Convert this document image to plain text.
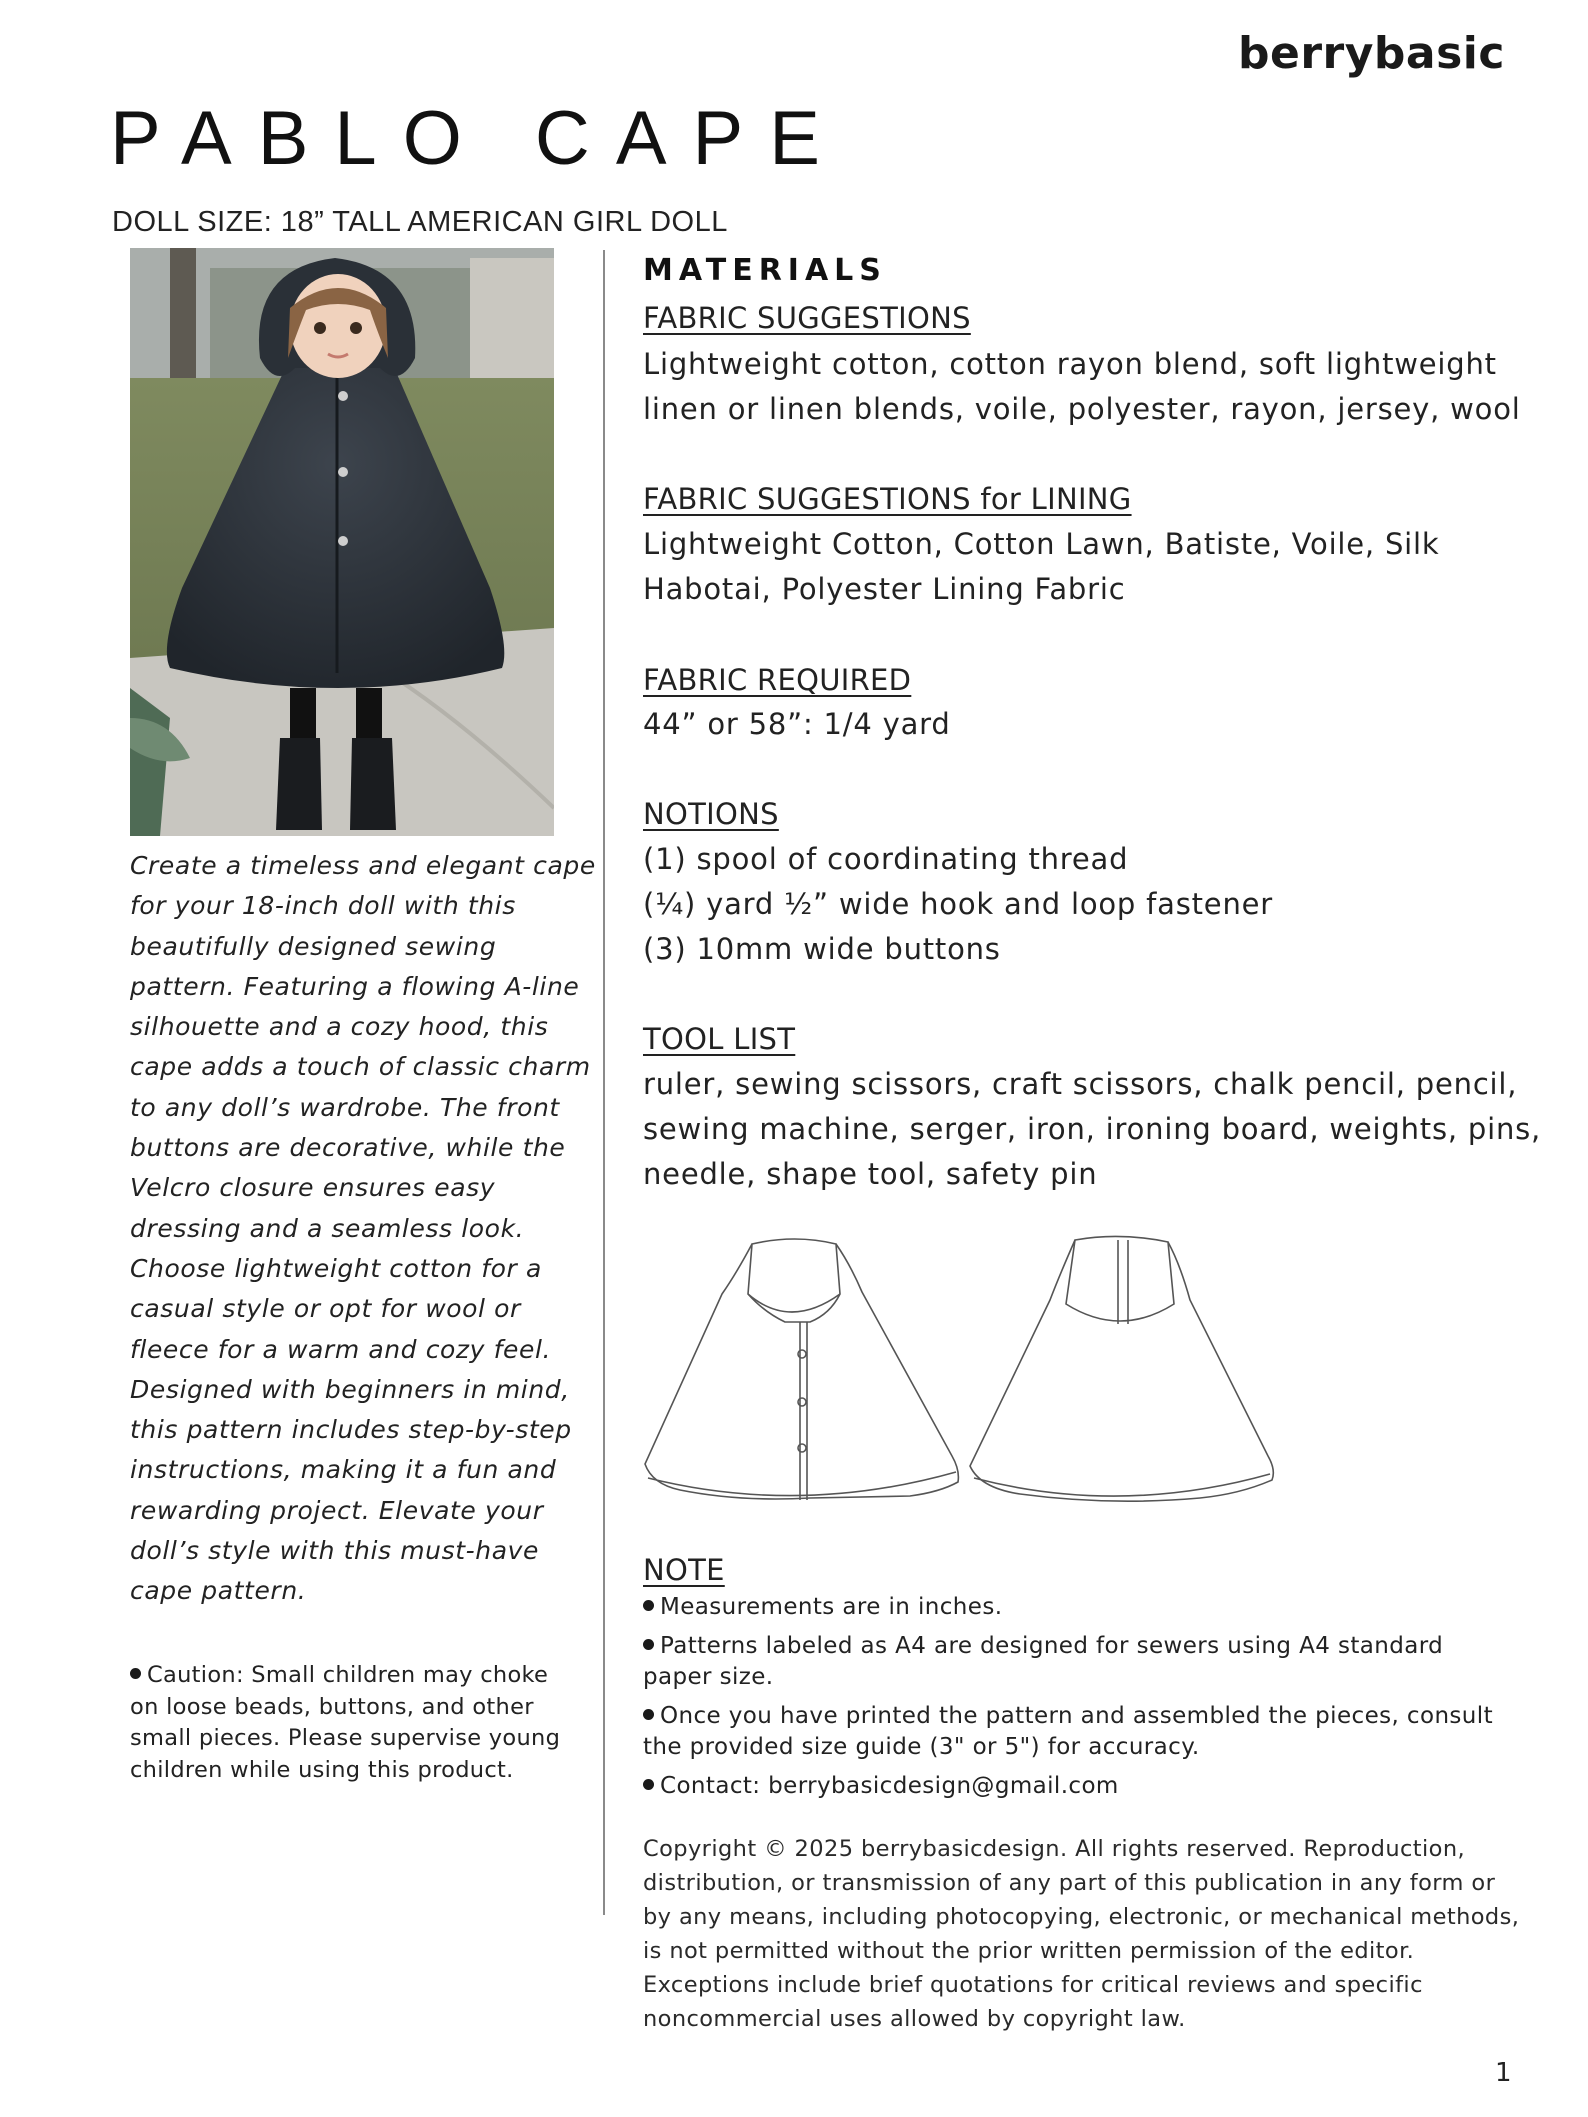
berrybasic
PABLO CAPE
DOLL SIZE: 18” TALL AMERICAN GIRL DOLL
Create a timeless and elegant cape
for your 18-inch doll with this
beautifully designed sewing
pattern. Featuring a flowing A-line
silhouette and a cozy hood, this
cape adds a touch of classic charm
to any doll’s wardrobe. The front
buttons are decorative, while the
Velcro closure ensures easy
dressing and a seamless look.
Choose lightweight cotton for a
casual style or opt for wool or
fleece for a warm and cozy feel.
Designed with beginners in mind,
this pattern includes step-by-step
instructions, making it a fun and
rewarding project. Elevate your
doll’s style with this must-have
cape pattern.
Caution: Small children may choke
on loose beads, buttons, and other
small pieces. Please supervise young
children while using this product.
MATERIALS
FABRIC SUGGESTIONS
Lightweight cotton, cotton rayon blend, soft lightweight
linen or linen blends, voile, polyester, rayon, jersey, wool
FABRIC SUGGESTIONS for LINING
Lightweight Cotton, Cotton Lawn, Batiste, Voile, Silk
Habotai, Polyester Lining Fabric
FABRIC REQUIRED
44” or 58”: 1/4 yard
NOTIONS
(1) spool of coordinating thread
(¼) yard ½” wide hook and loop fastener
(3) 10mm wide buttons
TOOL LIST
ruler, sewing scissors, craft scissors, chalk pencil, pencil,
sewing machine, serger, iron, ironing board, weights, pins,
needle, shape tool, safety pin
NOTE
Measurements are in inches.
Patterns labeled as A4 are designed for sewers using A4 standard
paper size.
Once you have printed the pattern and assembled the pieces, consult
the provided size guide (3" or 5") for accuracy.
Contact: berrybasicdesign@gmail.com
Copyright © 2025 berrybasicdesign. All rights reserved. Reproduction,
distribution, or transmission of any part of this publication in any form or
by any means, including photocopying, electronic, or mechanical methods,
is not permitted without the prior written permission of the editor.
Exceptions include brief quotations for critical reviews and specific
noncommercial uses allowed by copyright law.
1
